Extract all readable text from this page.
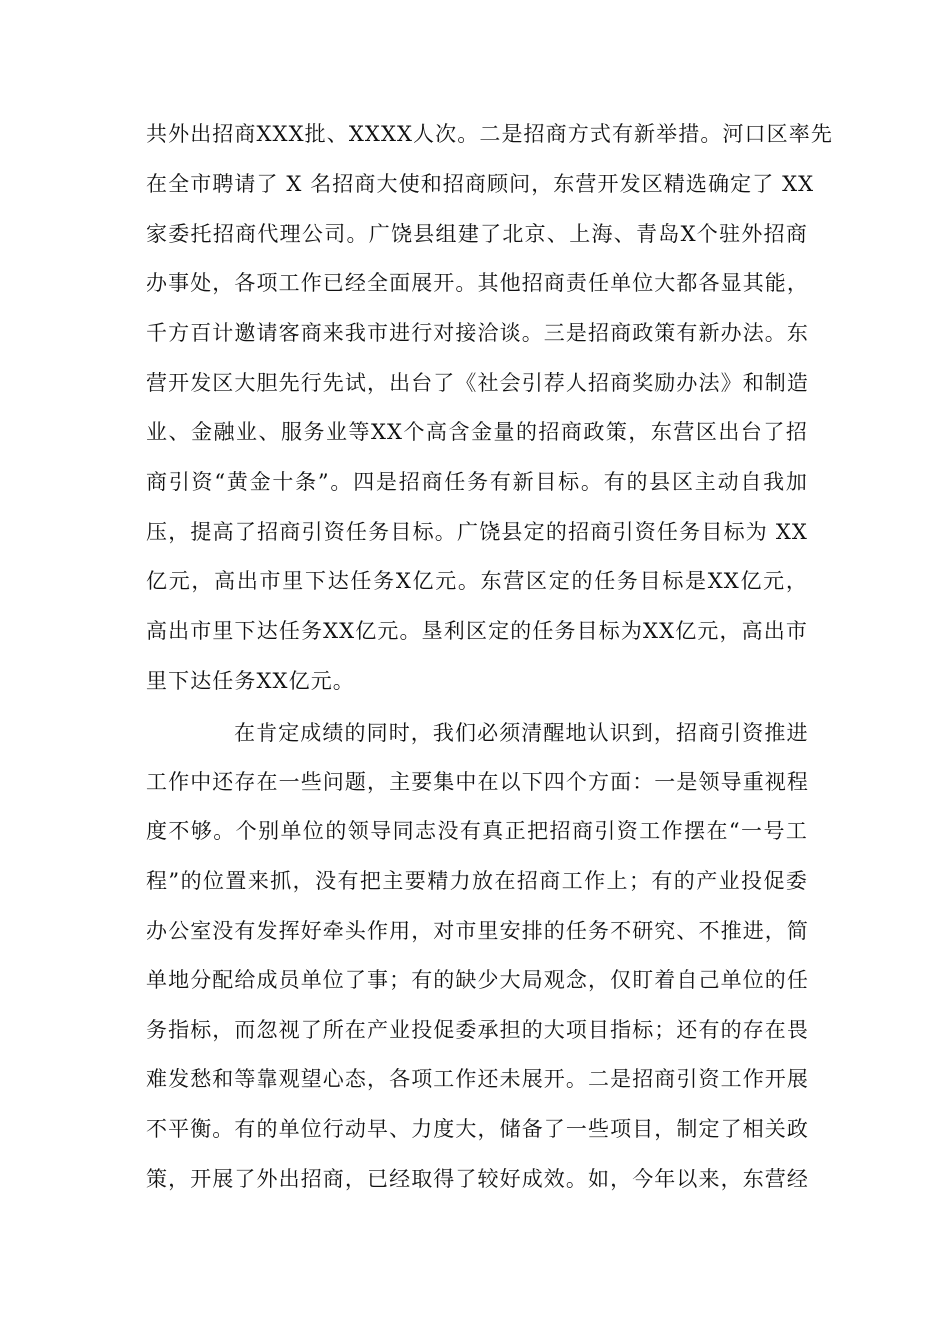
共外出招商XXX批、XXXX人次。二是招商方式有新举措。河口区率先
在全市聘请了 X 名招商大使和招商顾问，东营开发区精选确定了 XX
家委托招商代理公司。广饶县组建了北京、上海、青岛X个驻外招商
办事处，各项工作已经全面展开。其他招商责任单位大都各显其能，
千方百计邀请客商来我市进行对接洽谈。三是招商政策有新办法。东
营开发区大胆先行先试，出台了《社会引荐人招商奖励办法》和制造
业、金融业、服务业等XX个高含金量的招商政策，东营区出台了招
商引资“黄金十条”。四是招商任务有新目标。有的县区主动自我加
压，提高了招商引资任务目标。广饶县定的招商引资任务目标为 XX
亿元，高出市里下达任务X亿元。东营区定的任务目标是XX亿元，
高出市里下达任务XX亿元。垦利区定的任务目标为XX亿元，高出市
里下达任务XX亿元。
在肯定成绩的同时，我们必须清醒地认识到，招商引资推进
工作中还存在一些问题，主要集中在以下四个方面：一是领导重视程
度不够。个别单位的领导同志没有真正把招商引资工作摆在“一号工
程”的位置来抓，没有把主要精力放在招商工作上；有的产业投促委
办公室没有发挥好牵头作用，对市里安排的任务不研究、不推进，简
单地分配给成员单位了事；有的缺少大局观念，仅盯着自己单位的任
务指标，而忽视了所在产业投促委承担的大项目指标；还有的存在畏
难发愁和等靠观望心态，各项工作还未展开。二是招商引资工作开展
不平衡。有的单位行动早、力度大，储备了一些项目，制定了相关政
策，开展了外出招商，已经取得了较好成效。如，今年以来，东营经
